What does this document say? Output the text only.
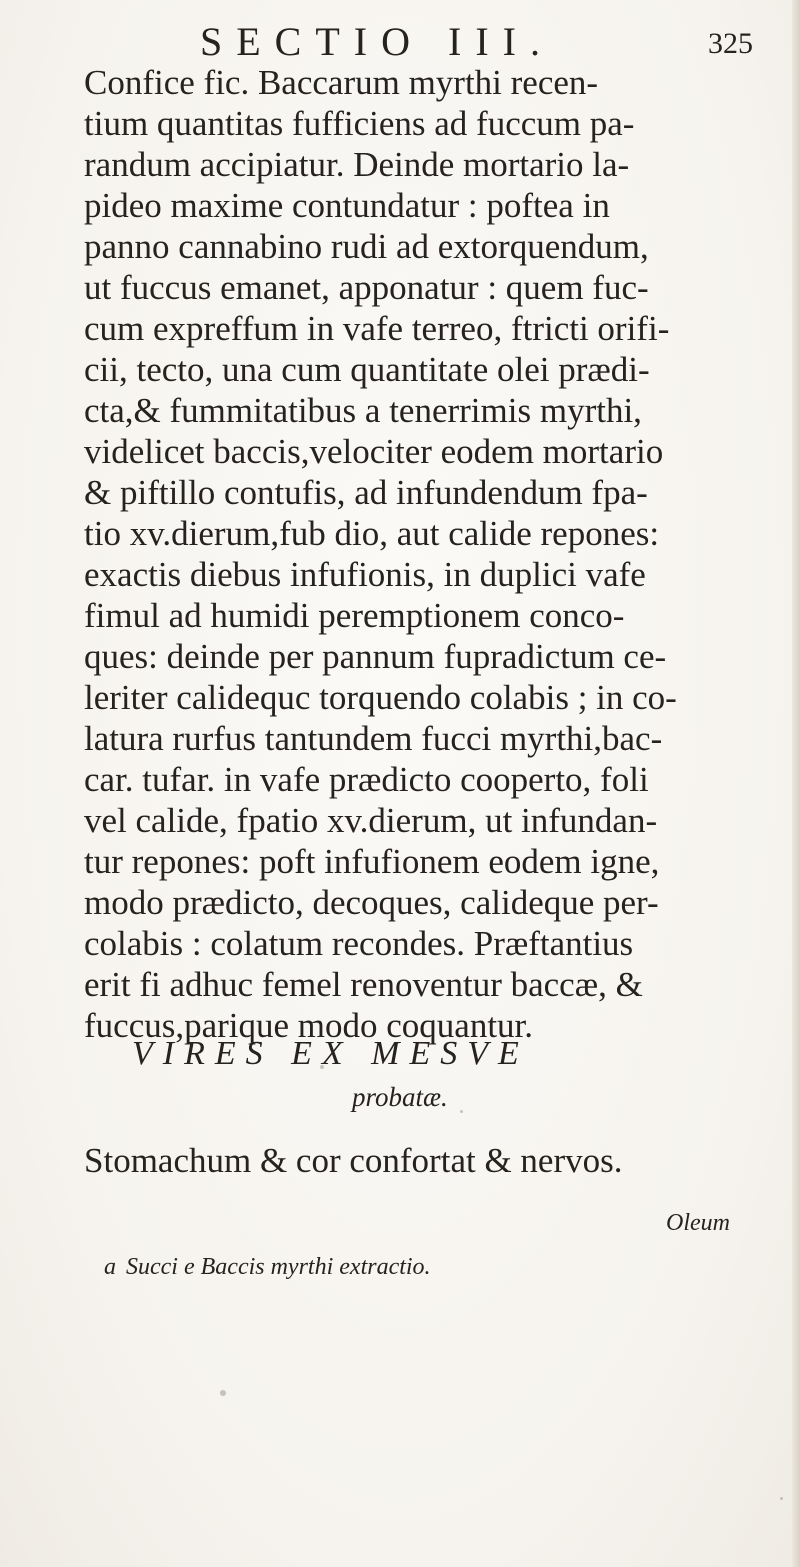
SECTIO III.	325
Confice fic. Baccarum myrthi recen-
tium quantitas fufficiens ad fuccum pa-
randum accipiatur. Deinde mortario la-
pideo maxime contundatur : poftea in
panno cannabino rudi ad extorquendum,
ut fuccus emanet, apponatur : quem fuc-
cum expreffum in vafe terreo, ftricti orifi-
cii, tecto, una cum quantitate olei prædi-
cta,& fummitatibus a tenerrimis myrthi,
videlicet baccis,velociter eodem mortario
& piftillo contufis, ad infundendum fpa-
tio xv.dierum,fub dio, aut calide repones:
exactis diebus infufionis, in duplici vafe
fimul ad humidi peremptionem conco-
ques: deinde per pannum fupradictum ce-
leriter calidequc torquendo colabis ; in co-
latura rurfus tantundem fucci myrthi,bac-
car. tufar. in vafe prædicto cooperto, foli
vel calide, fpatio xv.dierum, ut infundan-
tur repones: poft infufionem eodem igne,
modo prædicto, decoques, calideque per-
colabis : colatum recondes. Præftantius
erit fi adhuc femel renoventur baccæ, &
fuccus,parique modo coquantur.
VIRES EX MESVE
probatæ.
Stomachum & cor confortat & nervos.
Oleum
a Succi e Baccis myrthi extractio.
